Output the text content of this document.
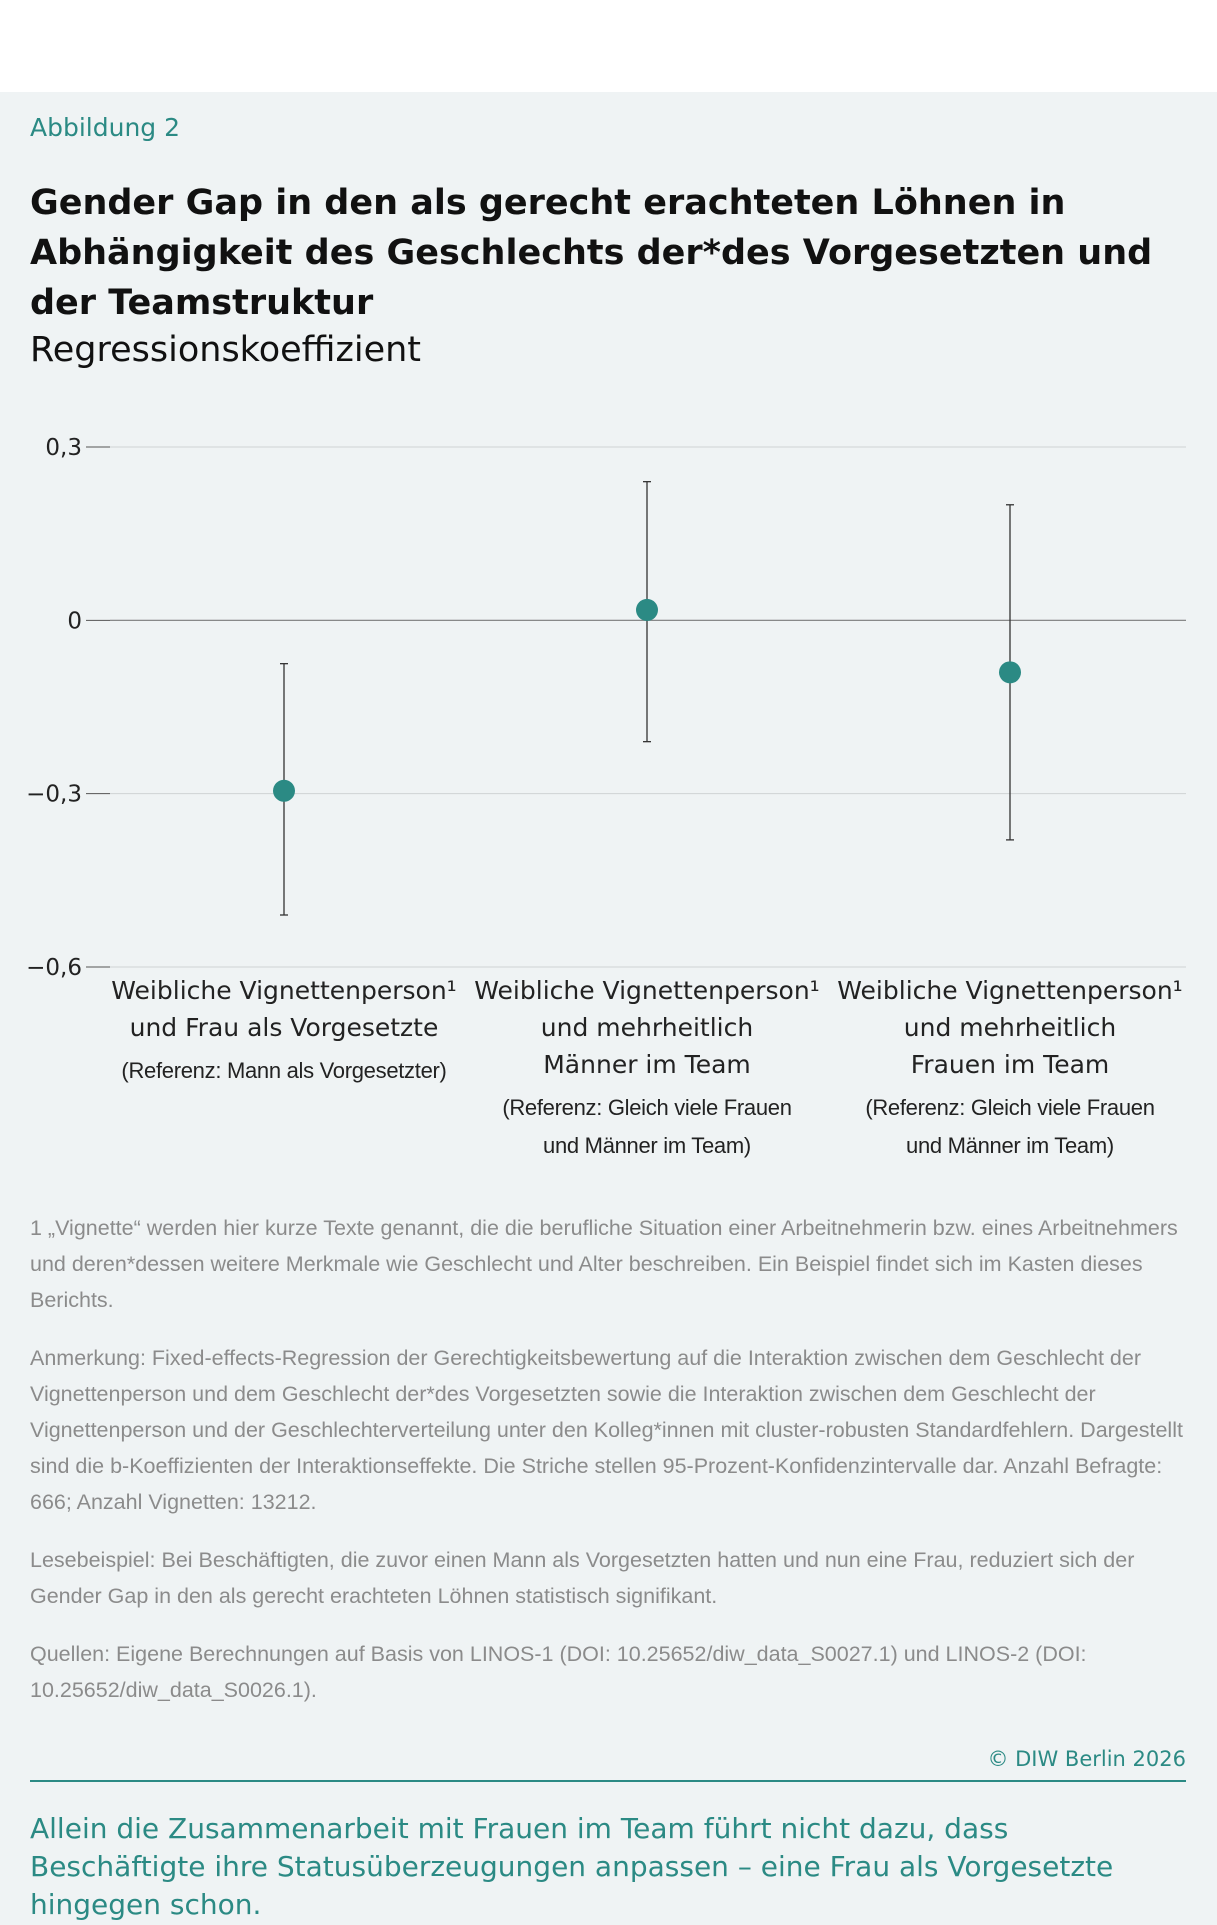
Abbildung 2
Gender Gap in den als gerecht erachteten Löhnen in Abhängigkeit des Geschlechts der*des Vorgesetzten und der Teamstruktur
Regressionskoeffizient
0,3
0
−0,3
−0,6
Weibliche Vignettenperson¹
und Frau als Vorgesetzte
(Referenz: Mann als Vorgesetzter)
Weibliche Vignettenperson¹
und mehrheitlich
Männer im Team
(Referenz: Gleich viele Frauen
und Männer im Team)
Weibliche Vignettenperson¹
und mehrheitlich
Frauen im Team
(Referenz: Gleich viele Frauen
und Männer im Team)

1 „Vignette“ werden hier kurze Texte genannt, die die berufliche Situation einer Arbeitnehmerin bzw. eines Arbeitnehmers und deren*dessen weitere Merkmale wie Geschlecht und Alter beschreiben. Ein Beispiel findet sich im Kasten dieses Berichts.

Anmerkung: Fixed-effects-Regression der Gerechtigkeitsbewertung auf die Interaktion zwischen dem Geschlecht der Vignettenperson und dem Geschlecht der*des Vorgesetzten sowie die Interaktion zwischen dem Geschlecht der Vignettenperson und der Geschlechterverteilung unter den Kolleg*innen mit cluster-robusten Standardfehlern. Dargestellt sind die b-Koeffizienten der Interaktionseffekte. Die Striche stellen 95-Prozent-Konfidenzintervalle dar. Anzahl Befragte: 666; Anzahl Vignetten: 13212.

Lesebeispiel: Bei Beschäftigten, die zuvor einen Mann als Vorgesetzten hatten und nun eine Frau, reduziert sich der Gender Gap in den als gerecht erachteten Löhnen statistisch signifikant.

Quellen: Eigene Berechnungen auf Basis von LINOS-1 (DOI: 10.25652/diw_data_S0027.1) und LINOS-2 (DOI: 10.25652/diw_data_S0026.1).

© DIW Berlin 2026
Allein die Zusammenarbeit mit Frauen im Team führt nicht dazu, dass Beschäftigte ihre Statusüberzeugungen anpassen – eine Frau als Vorgesetzte hingegen schon.
